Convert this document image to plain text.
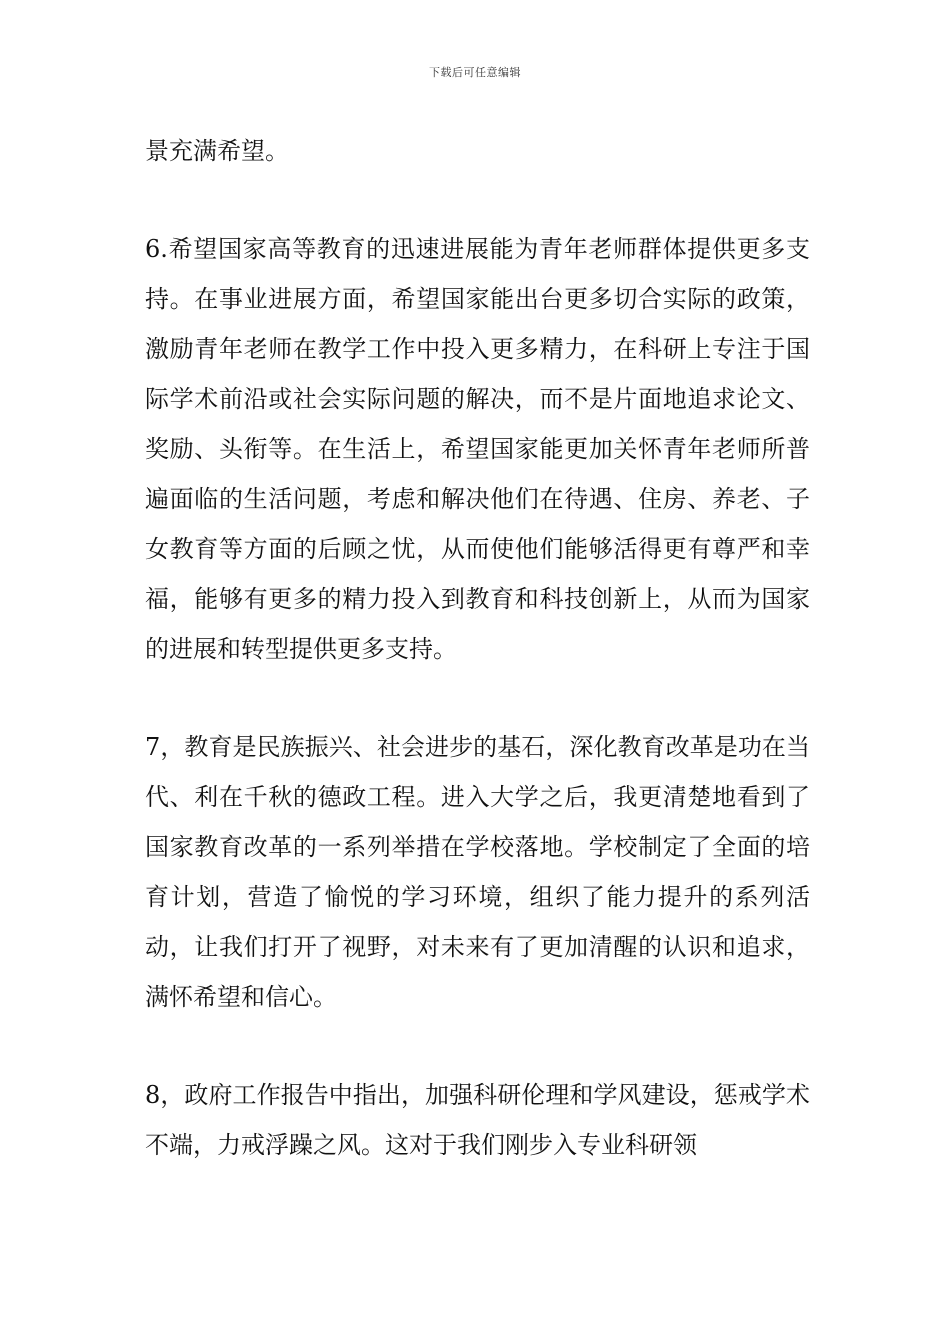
下载后可任意编辑

景充满希望。

6.希望国家高等教育的迅速进展能为青年老师群体提供更多支持。在事业进展方面，希望国家能出台更多切合实际的政策，激励青年老师在教学工作中投入更多精力，在科研上专注于国际学术前沿或社会实际问题的解决，而不是片面地追求论文、奖励、头衔等。在生活上，希望国家能更加关怀青年老师所普遍面临的生活问题，考虑和解决他们在待遇、住房、养老、子女教育等方面的后顾之忧，从而使他们能够活得更有尊严和幸福，能够有更多的精力投入到教育和科技创新上，从而为国家的进展和转型提供更多支持。

7，教育是民族振兴、社会进步的基石，深化教育改革是功在当代、利在千秋的德政工程。进入大学之后，我更清楚地看到了国家教育改革的一系列举措在学校落地。学校制定了全面的培育计划，营造了愉悦的学习环境，组织了能力提升的系列活动，让我们打开了视野，对未来有了更加清醒的认识和追求，满怀希望和信心。

8，政府工作报告中指出，加强科研伦理和学风建设，惩戒学术不端，力戒浮躁之风。这对于我们刚步入专业科研领
